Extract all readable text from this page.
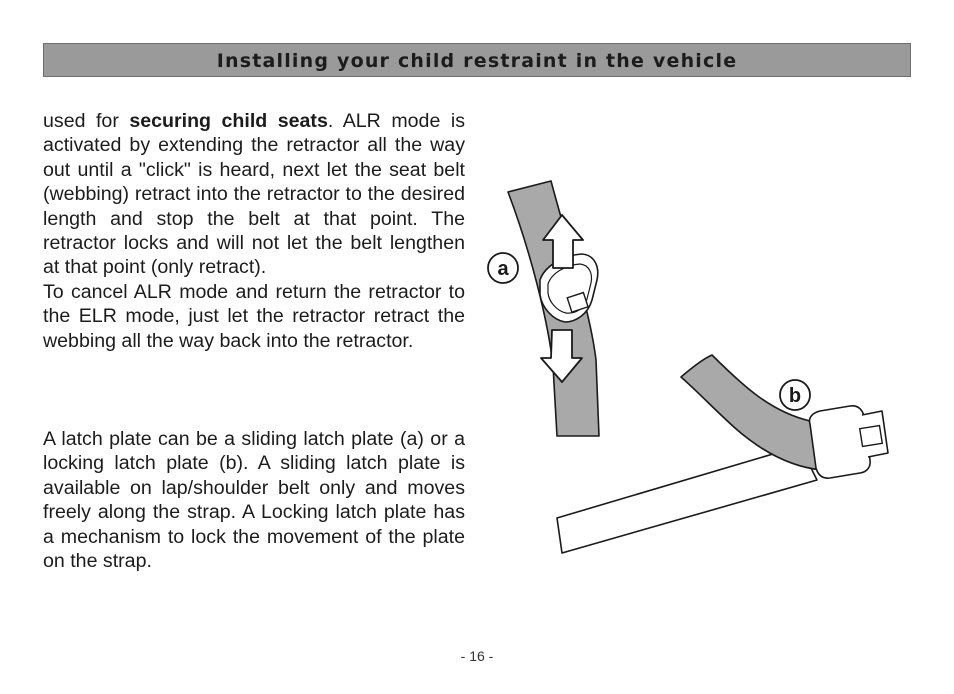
Installing your child restraint in the vehicle

used for securing child seats. ALR mode is activated by extending the retractor all the way out until a "click" is heard, next let the seat belt (webbing) retract into the retractor to the desired length and stop the belt at that point. The retractor locks and will not let the belt lengthen at that point (only retract).

To cancel ALR mode and return the retractor to the ELR mode, just let the retractor retract the webbing all the way back into the retractor.

A latch plate can be a sliding latch plate (a) or a locking latch plate (b). A sliding latch plate is available on lap/shoulder belt only and moves freely along the strap. A Locking latch plate has a mechanism to lock the movement of the plate on the strap.

a
b
- 16 -
